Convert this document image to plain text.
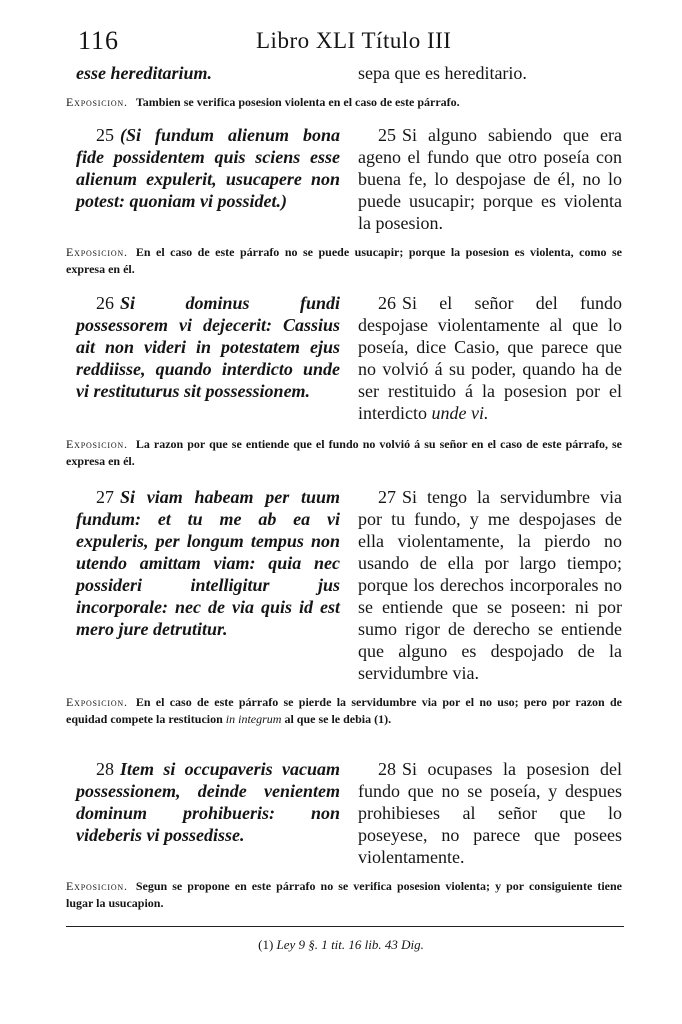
116	Libro XLI Título III
esse hereditarium.	sepa que es hereditario.
Exposicion. Tambien se verifica posesion violenta en el caso de este párrafo.
25 (Si fundum alienum bona fide possidentem quis sciens esse alienum expulerit, usucapere non potest: quoniam vi possidet.)
25 Si alguno sabiendo que era ageno el fundo que otro poseía con buena fe, lo despojase de él, no lo puede usucapir; porque es violenta la posesion.
Exposicion. En el caso de este párrafo no se puede usucapir; porque la posesion es violenta, como se expresa en él.
26 Si dominus fundi possessorem vi dejecerit: Cassius ait non videri in potestatem ejus reddiisse, quando interdicto unde vi restituturus sit possessionem.
26 Si el señor del fundo despojase violentamente al que lo poseía, dice Casio, que parece que no volvió á su poder, quando ha de ser restituido á la posesion por el interdicto unde vi.
Exposicion. La razon por que se entiende que el fundo no volvió á su señor en el caso de este párrafo, se expresa en él.
27 Si viam habeam per tuum fundum: et tu me ab ea vi expuleris, per longum tempus non utendo amittam viam: quia nec possideri intelligitur jus incorporale: nec de via quis id est mero jure detrutitur.
27 Si tengo la servidumbre via por tu fundo, y me despojases de ella violentamente, la pierdo no usando de ella por largo tiempo; porque los derechos incorporales no se entiende que se poseen: ni por sumo rigor de derecho se entiende que alguno es despojado de la servidumbre via.
Exposicion. En el caso de este párrafo se pierde la servidumbre via por el no uso; pero por razon de equidad compete la restitucion in integrum al que se le debia (1).
28 Item si occupaveris vacuam possessionem, deinde venientem dominum prohibueris: non videberis vi possedisse.
28 Si ocupases la posesion del fundo que no se poseía, y despues prohibieses al señor que lo poseyese, no parece que posees violentamente.
Exposicion. Segun se propone en este párrafo no se verifica posesion violenta; y por consiguiente tiene lugar la usucapion.
(1) Ley 9 §. 1 tit. 16 lib. 43 Dig.
